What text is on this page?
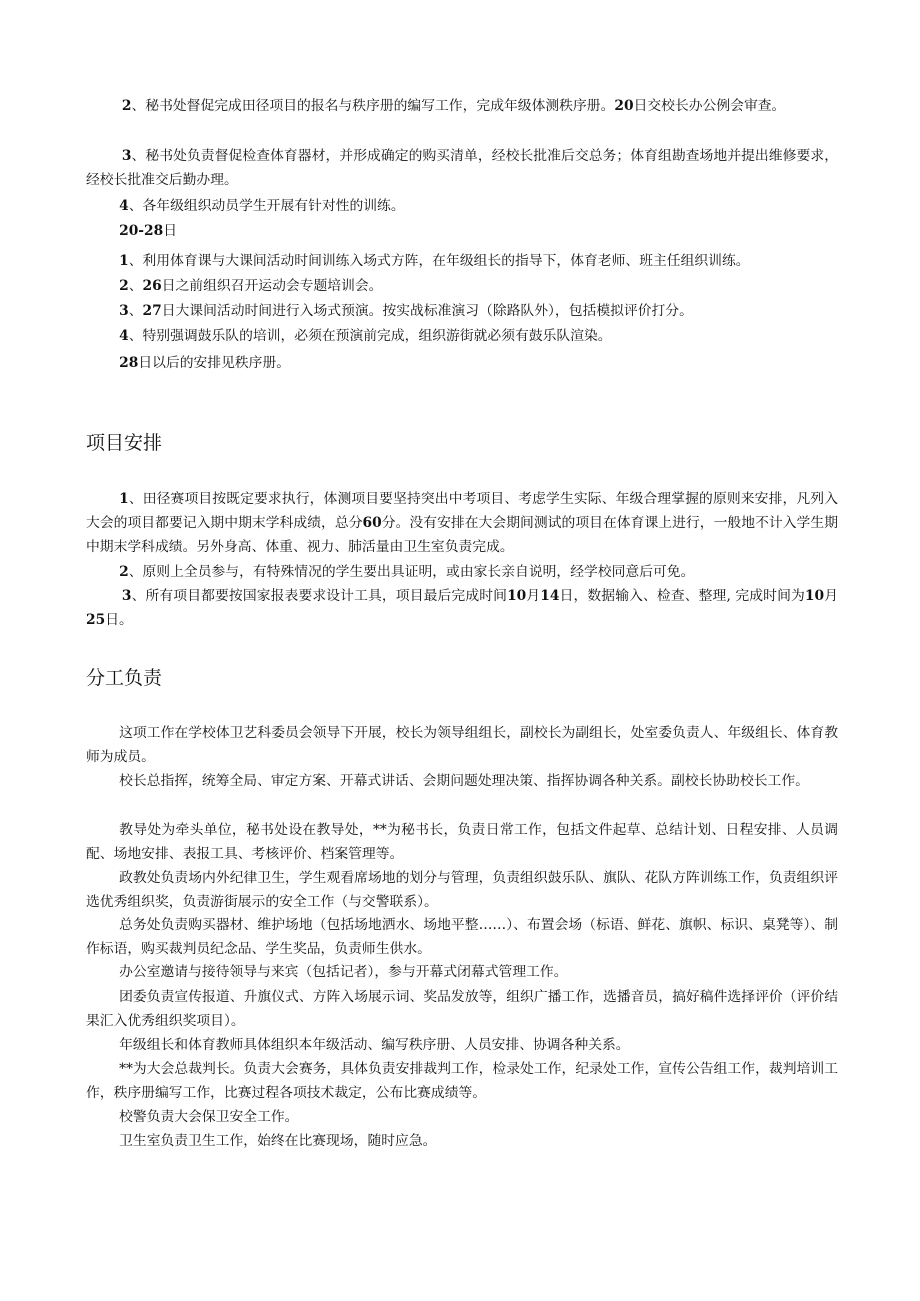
2、秘书处督促完成田径项目的报名与秩序册的编写工作，完成年级体测秩序册。20日交校长办公例会审查。

3、秘书处负责督促检查体育器材，并形成确定的购买清单，经校长批准后交总务；体育组勘查场地并提出维修要求，经校长批准交后勤办理。

4、各年级组织动员学生开展有针对性的训练。

20-28日

1、利用体育课与大课间活动时间训练入场式方阵，在年级组长的指导下，体育老师、班主任组织训练。

2、26日之前组织召开运动会专题培训会。

3、27日大课间活动时间进行入场式预演。按实战标准演习（除路队外），包括模拟评价打分。

4、特别强调鼓乐队的培训，必须在预演前完成，组织游街就必须有鼓乐队渲染。

28日以后的安排见秩序册。

项目安排

1、田径赛项目按既定要求执行，体测项目要坚持突出中考项目、考虑学生实际、年级合理掌握的原则来安排，凡列入大会的项目都要记入期中期末学科成绩，总分60分。没有安排在大会期间测试的项目在体育课上进行，一般地不计入学生期中期末学科成绩。另外身高、体重、视力、肺活量由卫生室负责完成。

2、原则上全员参与，有特殊情况的学生要出具证明，或由家长亲自说明，经学校同意后可免。

3、所有项目都要按国家报表要求设计工具，项目最后完成时间10月14日，数据输入、检查、整理, 完成时间为10月25日。

分工负责

这项工作在学校体卫艺科委员会领导下开展，校长为领导组组长，副校长为副组长，处室委负责人、年级组长、体育教师为成员。

校长总指挥，统筹全局、审定方案、开幕式讲话、会期问题处理决策、指挥协调各种关系。副校长协助校长工作。

教导处为牵头单位，秘书处设在教导处，**为秘书长，负责日常工作，包括文件起草、总结计划、日程安排、人员调配、场地安排、表报工具、考核评价、档案管理等。

政教处负责场内外纪律卫生，学生观看席场地的划分与管理，负责组织鼓乐队、旗队、花队方阵训练工作，负责组织评选优秀组织奖，负责游街展示的安全工作（与交警联系）。

总务处负责购买器材、维护场地（包括场地洒水、场地平整……）、布置会场（标语、鲜花、旗帜、标识、桌凳等）、制作标语，购买裁判员纪念品、学生奖品，负责师生供水。

办公室邀请与接待领导与来宾（包括记者），参与开幕式闭幕式管理工作。

团委负责宣传报道、升旗仪式、方阵入场展示词、奖品发放等，组织广播工作，选播音员，搞好稿件选择评价（评价结果汇入优秀组织奖项目）。

年级组长和体育教师具体组织本年级活动、编写秩序册、人员安排、协调各种关系。

**为大会总裁判长。负责大会赛务，具体负责安排裁判工作，检录处工作，纪录处工作，宣传公告组工作，裁判培训工作，秩序册编写工作，比赛过程各项技术裁定，公布比赛成绩等。

校警负责大会保卫安全工作。

卫生室负责卫生工作，始终在比赛现场，随时应急。
